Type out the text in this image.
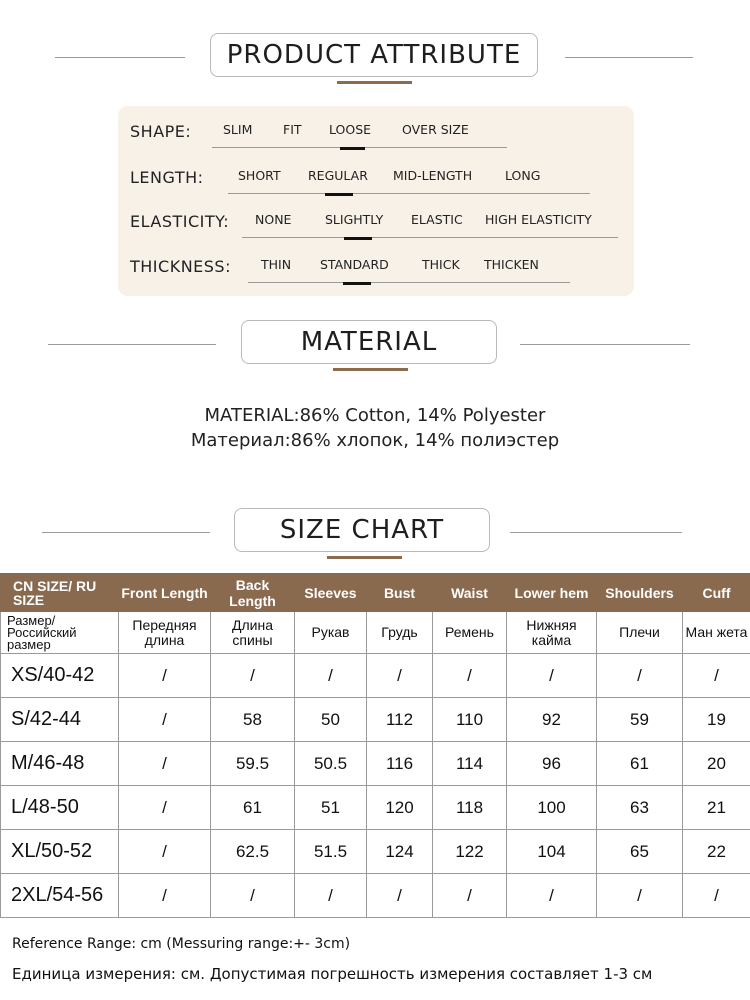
PRODUCT ATTRIBUTE
SHAPE:	SLIM FIT LOOSE OVER SIZE
LENGTH:	SHORT REGULAR MID-LENGTH	LONG
ELASTICITY: NONE	SLIGHTLY ELASTIC HIGH ELASTICITY
THICKNESS: THIN STANDARD	THICK THICKEN
MATERIAL
MATERIAL:86% Cotton, 14% Polyester
Материал:86% хлопок, 14% полиэстер
SIZE CHART
CN SIZE/ RU SIZE	Front Length	Back Length	Sleeves	Bust	Waist	Lower hem	Shoulders	Cuff
Размер/ Российский размер	Передняя длина	Длина спины	Рукав	Грудь	Ремень	Нижняя кайма	Плечи	Ман жета
XS/40-42	/	/	/	/	/	/	/	/
S/42-44	/	58	50	112	110	92	59	19
M/46-48	/	59.5	50.5	116	114	96	61	20
L/48-50	/	61	51	120	118	100	63	21
XL/50-52	/	62.5	51.5	124	122	104	65	22
2XL/54-56	/	/	/	/	/	/	/	/
Reference Range: cm (Messuring range:+- 3cm)
Единица измерения: см. Допустимая погрешность измерения составляет 1-3 см
